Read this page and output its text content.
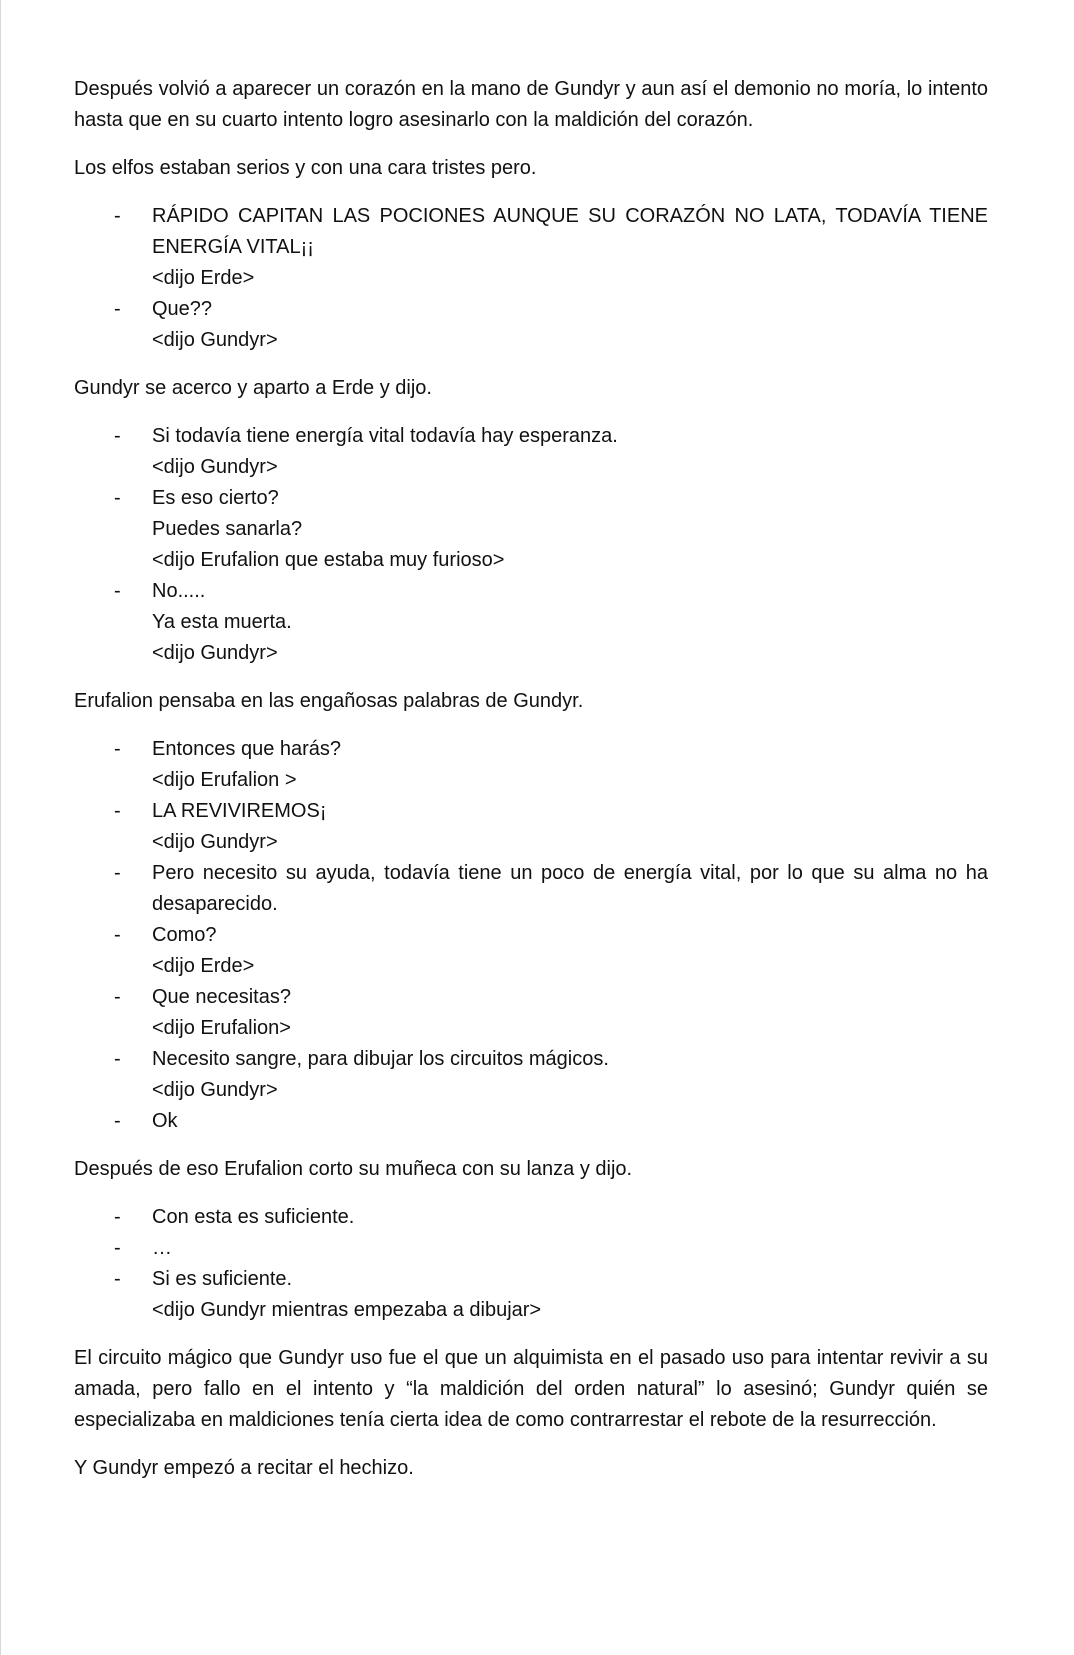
Después volvió a aparecer un corazón en la mano de Gundyr y aun así el demonio no moría, lo intento hasta que en su cuarto intento logro asesinarlo con la maldición del corazón.

Los elfos estaban serios y con una cara tristes pero.

- RÁPIDO CAPITAN LAS POCIONES AUNQUE SU CORAZÓN NO LATA, TODAVÍA TIENE ENERGÍA VITAL¡¡
<dijo Erde>
- Que??
<dijo Gundyr>

Gundyr se acerco y aparto a Erde y dijo.

- Si todavía tiene energía vital todavía hay esperanza.
<dijo Gundyr>
- Es eso cierto?
Puedes sanarla?
<dijo Erufalion que estaba muy furioso>
- No.....
Ya esta muerta.
<dijo Gundyr>

Erufalion pensaba en las engañosas palabras de Gundyr.

- Entonces que harás?
<dijo Erufalion >
- LA REVIVIREMOS¡
<dijo Gundyr>
- Pero necesito su ayuda, todavía tiene un poco de energía vital, por lo que su alma no ha desaparecido.
- Como?
<dijo Erde>
- Que necesitas?
<dijo Erufalion>
- Necesito sangre, para dibujar los circuitos mágicos.
<dijo Gundyr>
- Ok

Después de eso Erufalion corto su muñeca con su lanza y dijo.

- Con esta es suficiente.
- …
- Si es suficiente.
<dijo Gundyr mientras empezaba a dibujar>

El circuito mágico que Gundyr uso fue el que un alquimista en el pasado uso para intentar revivir a su amada, pero fallo en el intento y “la maldición del orden natural” lo asesinó; Gundyr quién se especializaba en maldiciones tenía cierta idea de como contrarrestar el rebote de la resurrección.

Y Gundyr empezó a recitar el hechizo.
